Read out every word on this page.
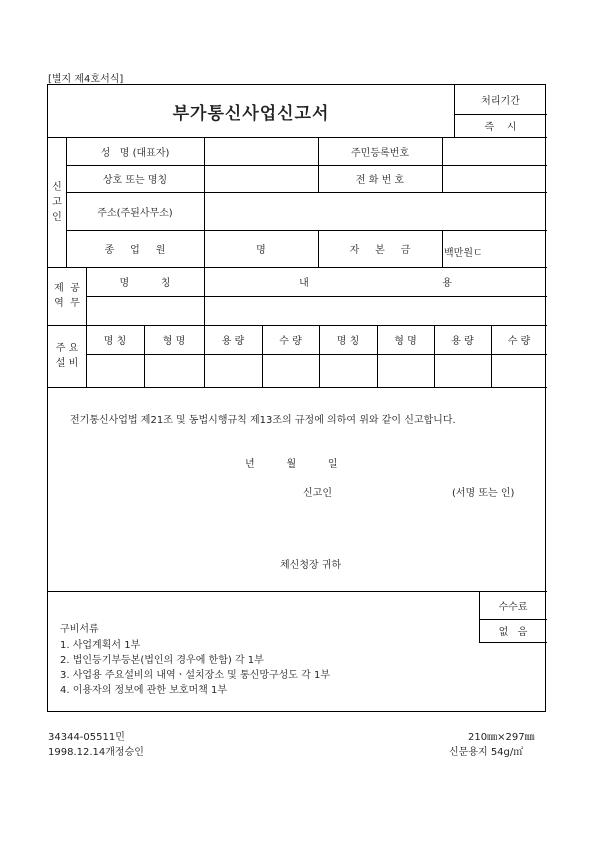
[별지 제4호서식]
부가통신사업신고서
처리기간
즉    시
신
고
인
성   명 (대표자)	주민등록번호
상호 또는 명칭	전 화 번 호
주소(주된사무소)
종     업     원	명	자     본     금	백만원ㄷ
제  공
역  무
명          칭	내                                          용
주 요
설 비
명 칭	형 명	용 량	수 량	명 칭	형 명	용 량	수 량
전기통신사업법 제21조 및 동법시행규칙 제13조의 규정에 의하여 위와 같이 신고합니다.
년          월          일
신고인	(서명 또는 인)
체신청장 귀하
수수료
없   음
구비서류
1. 사업계획서 1부
2. 법인등기부등본(법인의 경우에 한함) 각 1부
3. 사업용 주요설비의 내역ㆍ설치장소 및 통신망구성도 각 1부
4. 이용자의 정보에 관한 보호머책 1부
34344-05511민
1998.12.14개정승인
210㎜×297㎜
신문용지 54g/㎡
